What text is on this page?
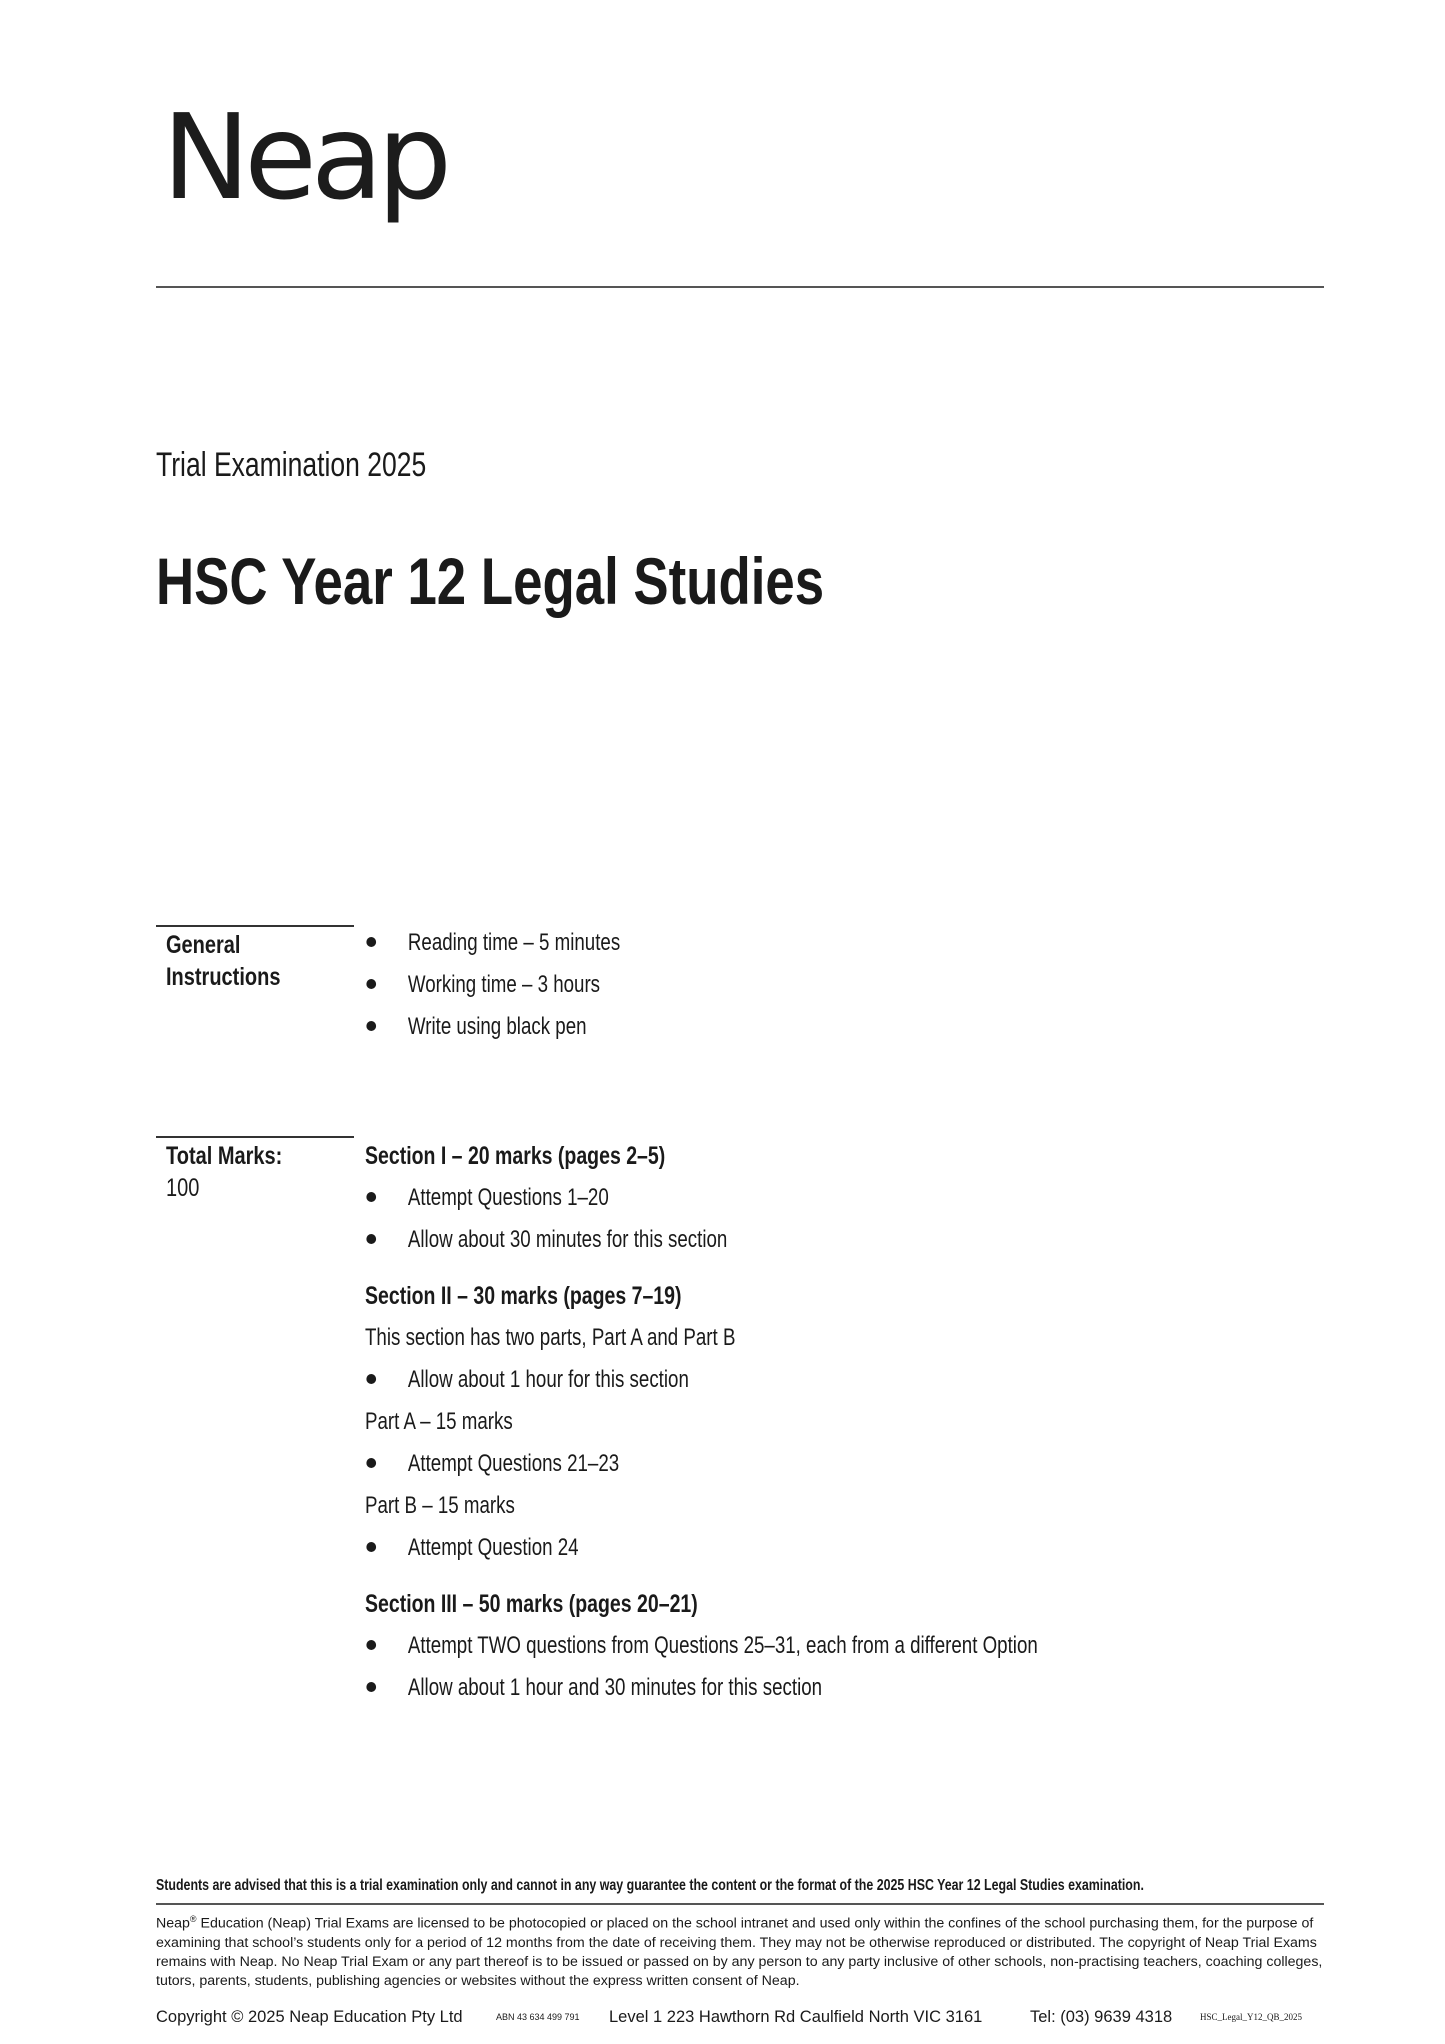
Neap
Trial Examination 2025
HSC Year 12 Legal Studies
General
Instructions
Reading time – 5 minutes
Working time – 3 hours
Write using black pen
Total Marks:
100
Section I – 20 marks (pages 2–5)
Attempt Questions 1–20
Allow about 30 minutes for this section
Section II – 30 marks (pages 7–19)
This section has two parts, Part A and Part B
Allow about 1 hour for this section
Part A – 15 marks
Attempt Questions 21–23
Part B – 15 marks
Attempt Question 24
Section III – 50 marks (pages 20–21)
Attempt TWO questions from Questions 25–31, each from a different Option
Allow about 1 hour and 30 minutes for this section
Students are advised that this is a trial examination only and cannot in any way guarantee the content or the format of the 2025 HSC Year 12 Legal Studies examination.
Neap® Education (Neap) Trial Exams are licensed to be photocopied or placed on the school intranet and used only within the confines of the school purchasing them, for the purpose of examining that school’s students only for a period of 12 months from the date of receiving them. They may not be otherwise reproduced or distributed. The copyright of Neap Trial Exams remains with Neap. No Neap Trial Exam or any part thereof is to be issued or passed on by any person to any party inclusive of other schools, non-practising teachers, coaching colleges, tutors, parents, students, publishing agencies or websites without the express written consent of Neap.
Copyright © 2025 Neap Education Pty Ltd	ABN 43 634 499 791 Level 1 223 Hawthorn Rd Caulfield North VIC 3161	Tel: (03) 9639 4318	HSC_Legal_Y12_QB_2025
